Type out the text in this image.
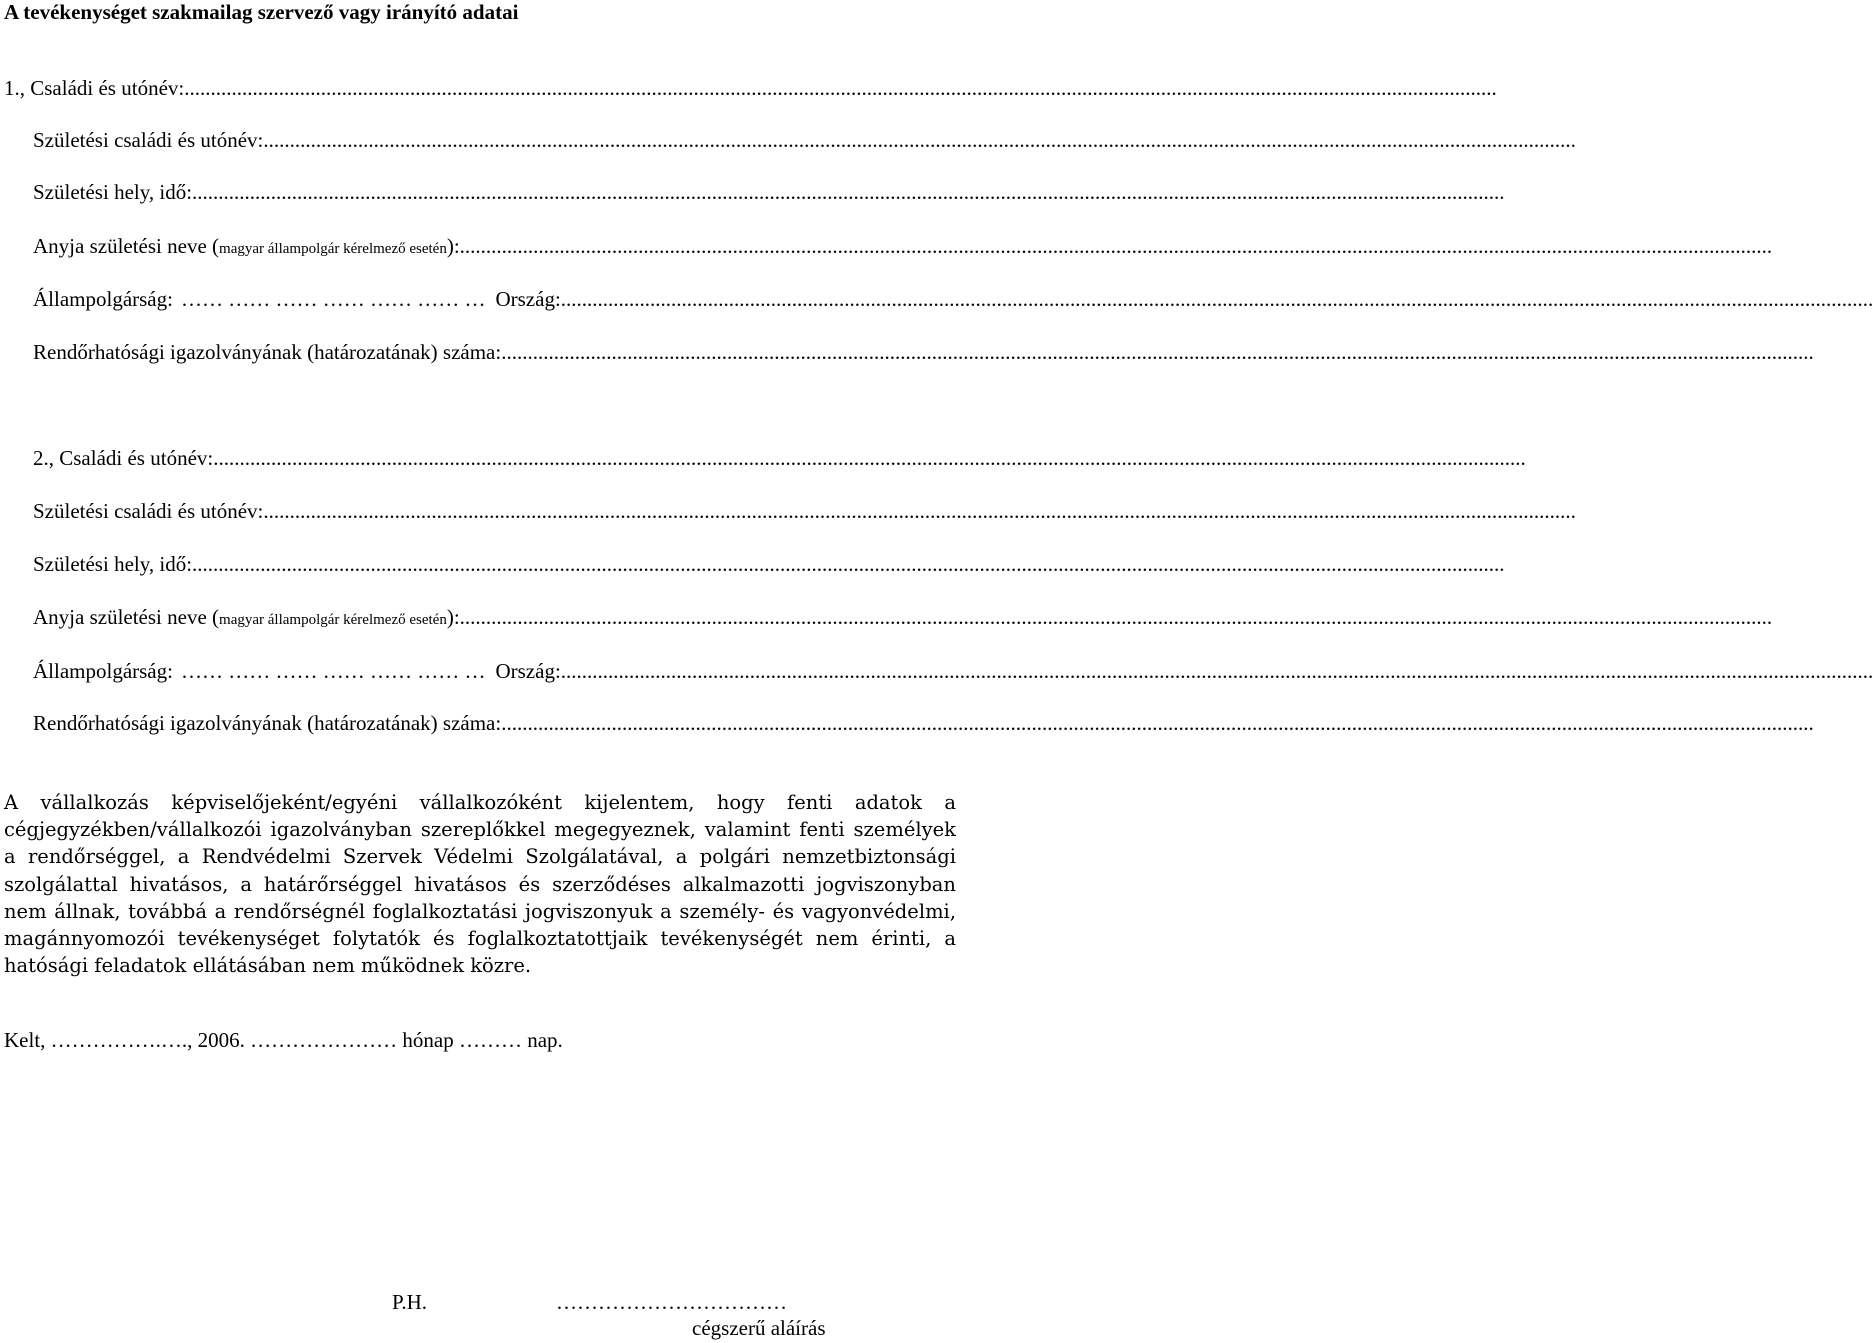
A tevékenységet szakmailag szervező vagy irányító adatai
1., Családi és utónév: ..........................................................................................................................................................................................................................................................
Születési családi és utónév: ..........................................................................................................................................................................................................................................................
Születési hely, idő: ..........................................................................................................................................................................................................................................................
Anyja születési neve (magyar állampolgár kérelmező esetén): ..........................................................................................................................................................................................................................................................
Állampolgárság: …… …… …… …… …… …… … Ország: ..........................................................................................................................................................................................................................................................
Rendőrhatósági igazolványának (határozatának) száma: ..........................................................................................................................................................................................................................................................
2., Családi és utónév: ..........................................................................................................................................................................................................................................................
Születési családi és utónév: ..........................................................................................................................................................................................................................................................
Születési hely, idő: ..........................................................................................................................................................................................................................................................
Anyja születési neve (magyar állampolgár kérelmező esetén): ..........................................................................................................................................................................................................................................................
Állampolgárság: …… …… …… …… …… …… … Ország: ..........................................................................................................................................................................................................................................................
Rendőrhatósági igazolványának (határozatának) száma: ..........................................................................................................................................................................................................................................................
A vállalkozás képviselőjeként/egyéni vállalkozóként kijelentem, hogy fenti adatok a cégjegyzékben/vállalkozói igazolványban szereplőkkel megegyeznek, valamint fenti személyek a rendőrséggel, a Rendvédelmi Szervek Védelmi Szolgálatával, a polgári nemzetbiztonsági szolgálattal hivatásos, a határőrséggel hivatásos és szerződéses alkalmazotti jogviszonyban nem állnak, továbbá a rendőrségnél foglalkoztatási jogviszonyuk a személy- és vagyonvédelmi, magánnyomozói tevékenységet folytatók és foglalkoztatottjaik tevékenységét nem érinti, a hatósági feladatok ellátásában nem működnek közre.
Kelt, …………….…., 2006. ………………… hónap ……… nap.
P.H.	……………………………
cégszerű aláírás
